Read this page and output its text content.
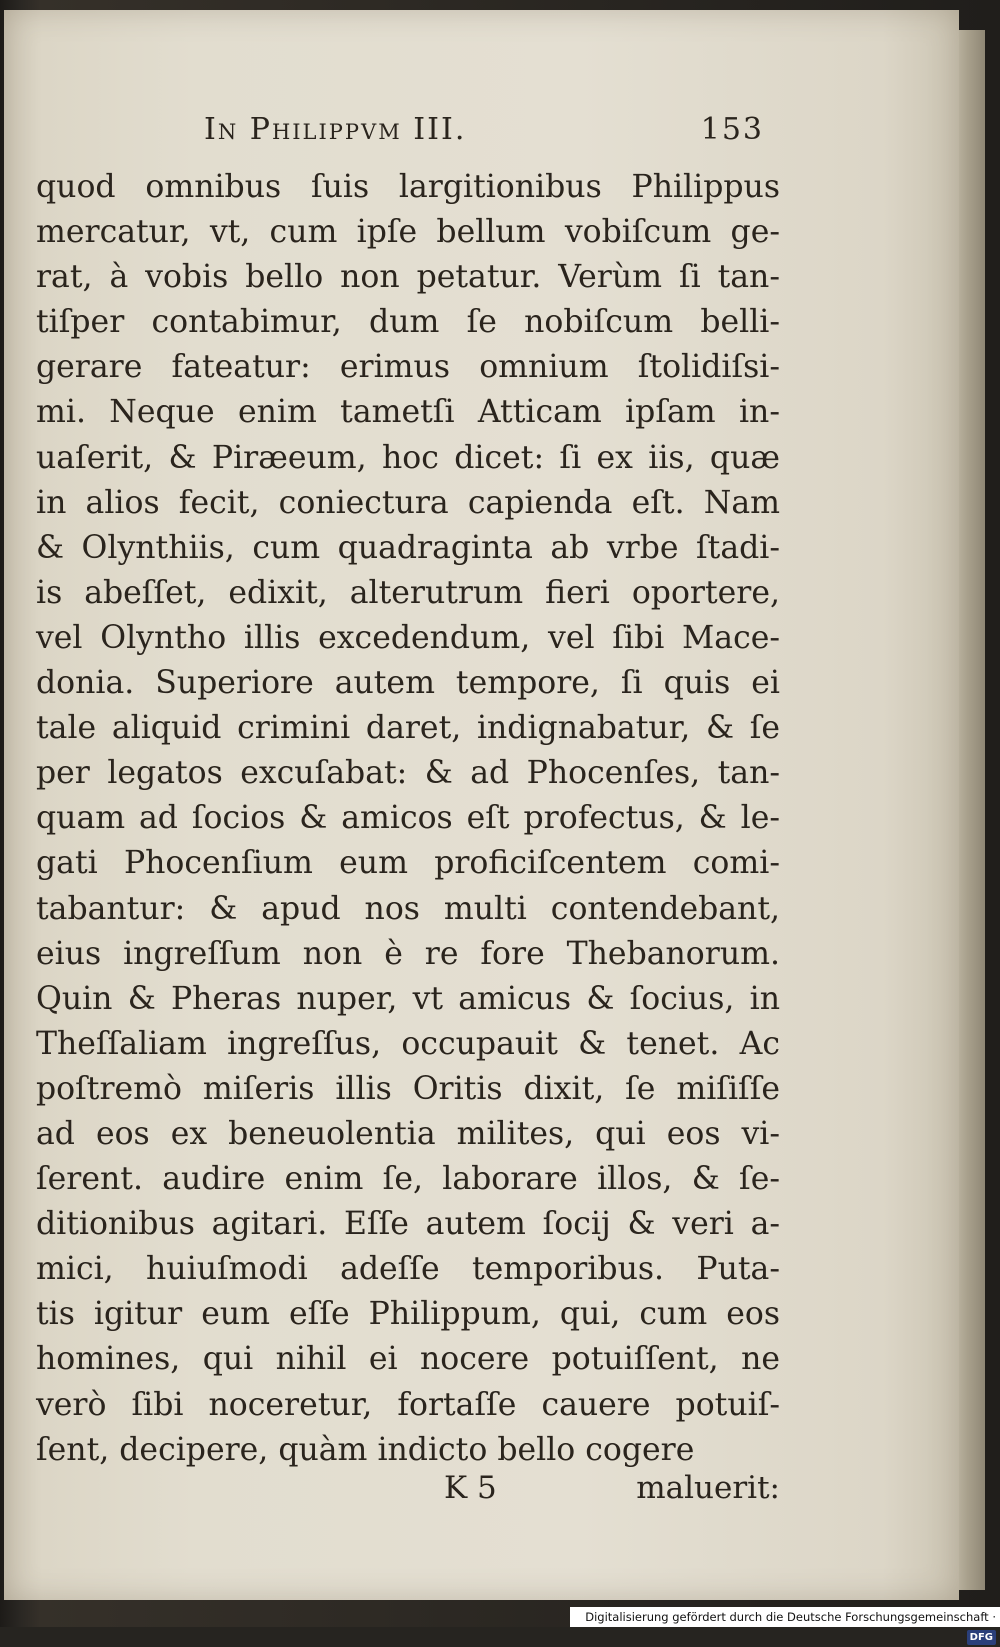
In Philippvm III.	153
quod omnibus ſuis largitionibus Philippus
mercatur, vt, cum ipſe bellum vobiſcum ge-
rat, à vobis bello non petatur. Verùm ſi tan-
tiſper contabimur, dum ſe nobiſcum belli-
gerare fateatur: erimus omnium ſtolidiſsi-
mi. Neque enim tametſi Atticam ipſam in-
uaſerit, & Piræeum, hoc dicet: ſi ex iis, quæ
in alios fecit, coniectura capienda eſt. Nam
& Olynthiis, cum quadraginta ab vrbe ſtadi-
is abeſſet, edixit, alterutrum fieri oportere,
vel Olyntho illis excedendum, vel ſibi Mace-
donia. Superiore autem tempore, ſi quis ei
tale aliquid crimini daret, indignabatur, & ſe
per legatos excuſabat: & ad Phocenſes, tan-
quam ad ſocios & amicos eſt profectus, & le-
gati Phocenſium eum proficiſcentem comi-
tabantur: & apud nos multi contendebant,
eius ingreſſum non è re fore Thebanorum.
Quin & Pheras nuper, vt amicus & ſocius, in
Theſſaliam ingreſſus, occupauit & tenet. Ac
poſtremò miſeris illis Oritis dixit, ſe miſiſſe
ad eos ex beneuolentia milites, qui eos vi-
ſerent. audire enim ſe, laborare illos, & ſe-
ditionibus agitari. Eſſe autem ſocij & veri a-
mici, huiuſmodi adeſſe temporibus. Puta-
tis igitur eum eſſe Philippum, qui, cum eos
homines, qui nihil ei nocere potuiſſent, ne
verò ſibi noceretur, fortaſſe cauere potuiſ-
ſent, decipere, quàm indicto bello cogere
K 5	maluerit:
Digitalisierung gefördert durch die Deutsche Forschungsgemeinschaft · DFG
